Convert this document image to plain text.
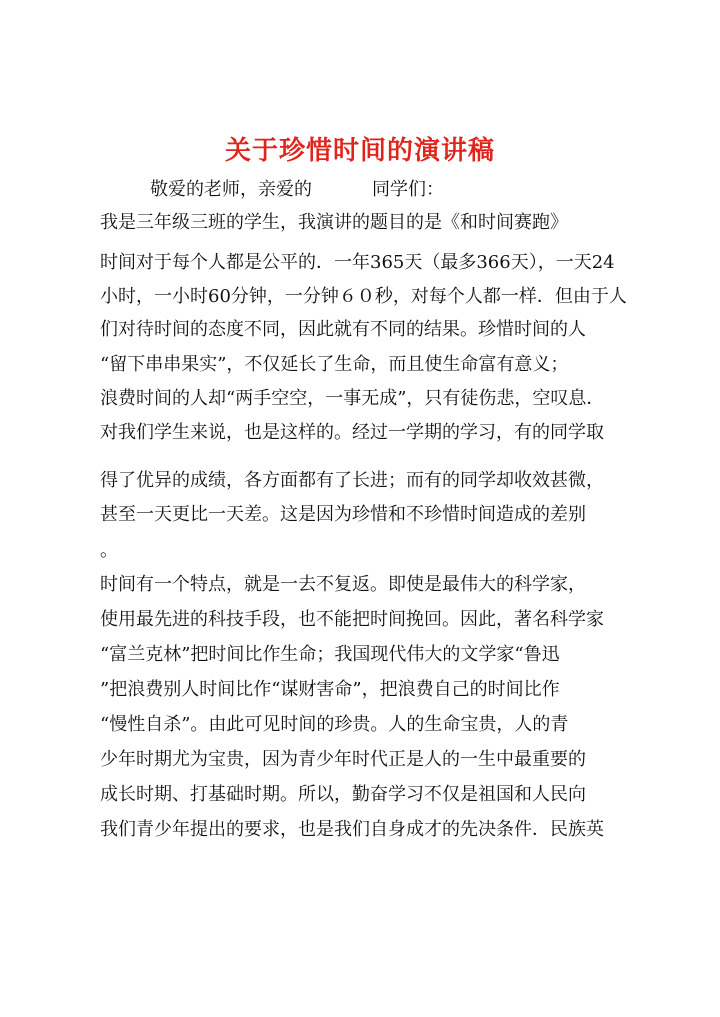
关于珍惜时间的演讲稿
敬爱的老师，亲爱的	同学们：
我是三年级三班的学生，我演讲的题目的是《和时间赛跑》
时间对于每个人都是公平的．一年365天（最多366天），一天24
小时，一小时60分钟，一分钟６０秒，对每个人都一样．但由于人
们对待时间的态度不同，因此就有不同的结果。珍惜时间的人
“留下串串果实”，不仅延长了生命，而且使生命富有意义；
浪费时间的人却“两手空空，一事无成”，只有徒伤悲，空叹息．
对我们学生来说，也是这样的。经过一学期的学习，有的同学取
得了优异的成绩，各方面都有了长进；而有的同学却收效甚微，
甚至一天更比一天差。这是因为珍惜和不珍惜时间造成的差别
。
时间有一个特点，就是一去不复返。即使是最伟大的科学家，
使用最先进的科技手段，也不能把时间挽回。因此，著名科学家
“富兰克林”把时间比作生命；我国现代伟大的文学家“鲁迅
”把浪费别人时间比作“谋财害命”，把浪费自己的时间比作
“慢性自杀”。由此可见时间的珍贵。人的生命宝贵，人的青
少年时期尤为宝贵，因为青少年时代正是人的一生中最重要的
成长时期、打基础时期。所以，勤奋学习不仅是祖国和人民向
我们青少年提出的要求，也是我们自身成才的先决条件．民族英
